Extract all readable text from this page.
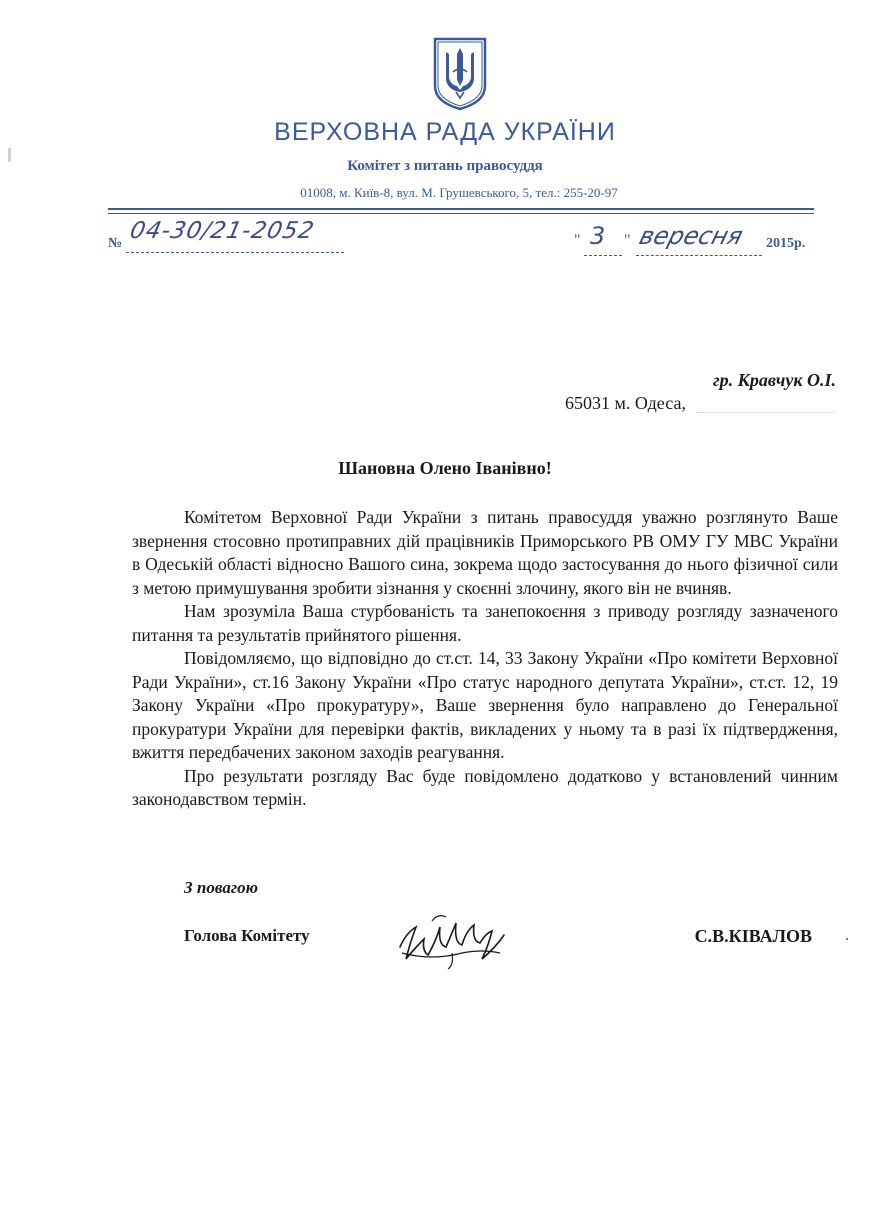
ВЕРХОВНА РАДА УКРАЇНИ
Комітет з питань правосуддя
01008, м. Київ-8, вул. М. Грушевського, 5, тел.: 255-20-97
№ 04-30/21-2052	" 3 " вересня 2015р.
гр. Кравчук О.І.
65031 м. Одеса,
Шановна Олено Іванівно!

Комітетом Верховної Ради України з питань правосуддя уважно розглянуто Ваше звернення стосовно протиправних дій працівників Приморського РВ ОМУ ГУ МВС України в Одеській області відносно Вашого сина, зокрема щодо застосування до нього фізичної сили з метою примушування зробити зізнання у скоєнні злочину, якого він не вчиняв.

Нам зрозуміла Ваша стурбованість та занепокоєння з приводу розгляду зазначеного питання та результатів прийнятого рішення.

Повідомляємо, що відповідно до ст.ст. 14, 33 Закону України «Про комітети Верховної Ради України», ст.16 Закону України «Про статус народного депутата України», ст.ст. 12, 19 Закону України «Про прокуратуру», Ваше звернення було направлено до Генеральної прокуратури України для перевірки фактів, викладених у ньому та в разі їх підтвердження, вжиття передбачених законом заходів реагування.

Про результати розгляду Вас буде повідомлено додатково у встановлений чинним законодавством термін.

З повагою
Голова Комітету	С.В.КІВАЛОВ
